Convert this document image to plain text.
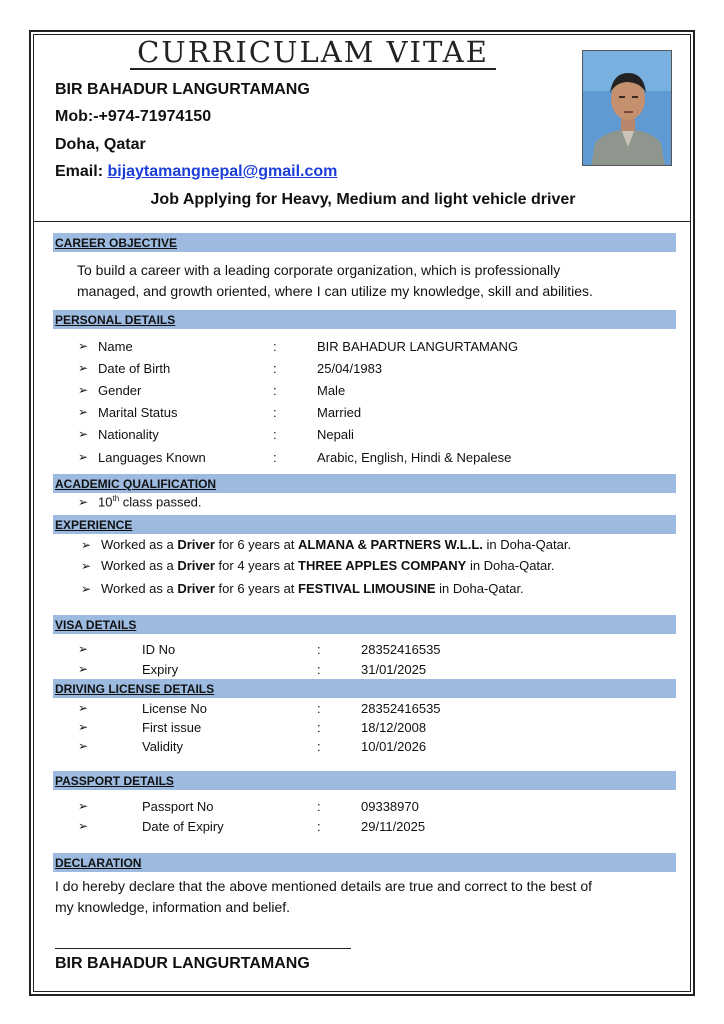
CURRICULAM VITAE
BIR BAHADUR LANGURTAMANG
Mob:-+974-71974150
Doha, Qatar
Email: bijaytamangnepal@gmail.com
Job Applying for Heavy, Medium and light vehicle driver
CAREER OBJECTIVE
To build a career with a leading corporate organization, which is professionally
managed, and growth oriented, where I can utilize my knowledge, skill and abilities.
PERSONAL DETAILS
➢ Name	:	BIR BAHADUR LANGURTAMANG
➢ Date of Birth	:	25/04/1983
➢ Gender	:	Male
➢ Marital Status	:	Married
➢ Nationality	:	Nepali
➢ Languages Known	:	Arabic, English, Hindi & Nepalese
ACADEMIC QUALIFICATION
➢ 10th class passed.
EXPERIENCE
➢ Worked as a Driver for 6 years at ALMANA & PARTNERS W.L.L. in Doha-Qatar.
➢ Worked as a Driver for 4 years at THREE APPLES COMPANY in Doha-Qatar.
➢ Worked as a Driver for 6 years at FESTIVAL LIMOUSINE in Doha-Qatar.
VISA DETAILS
➢	ID No	:	28352416535
➢	Expiry	:	31/01/2025
DRIVING LICENSE DETAILS
➢	License No	:	28352416535
➢	First issue	:	18/12/2008
➢	Validity	:	10/01/2026
PASSPORT DETAILS
➢	Passport No	:	09338970
➢	Date of Expiry	:	29/11/2025
DECLARATION
I do hereby declare that the above mentioned details are true and correct to the best of
my knowledge, information and belief.
BIR BAHADUR LANGURTAMANG
